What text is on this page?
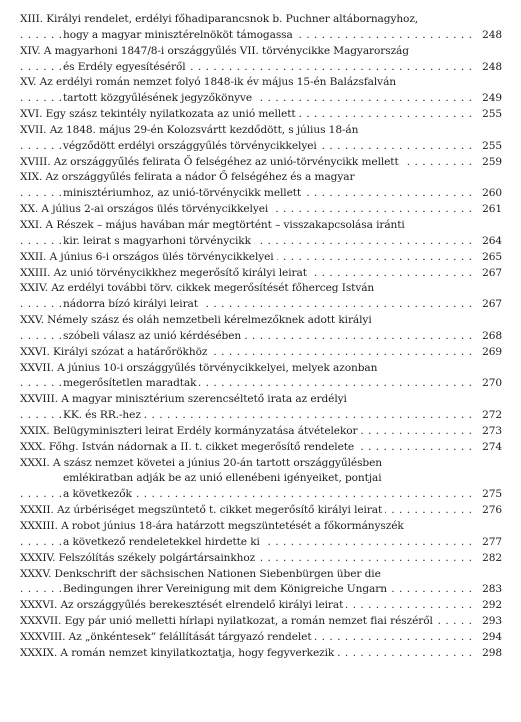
XIII. Királyi rendelet, erdélyi főhadiparancsnok b. Puchner altábornagyhoz,
hogy a magyar minisztérelnököt támogassa	248
. . .
XIV. A magyarhoni 1847/8-i országgyűlés VII. törvénycikke Magyarország
és Erdély egyesítéséről	248
. . .
XV. Az erdélyi román nemzet folyó 1848-ik év május 15-én Balázsfalván
tartott közgyűlésének jegyzőkönyve	249
. . .
XVI. Egy szász tekintély nyilatkozata az unió mellett	255
. . .
XVII. Az 1848. május 29-én Kolozsvártt kezdődött, s július 18-án
végződött erdélyi országgyűlés törvénycikkelyei	255
. . .
XVIII. Az országgyűlés felirata Ő felségéhez az unió-törvénycikk mellett	259
. . .
XIX. Az országgyűlés felirata a nádor Ő felségéhez és a magyar
minisztériumhoz, az unió-törvénycikk mellett	260
. . .
XX. A július 2-ai országos ülés törvénycikkelyei	261
. . .
XXI. A Részek – május havában már megtörtént – visszakapcsolása iránti
kir. leirat s magyarhoni törvénycikk	264
. . .
XXII. A június 6-i országos ülés törvénycikkelyei	265
. . .
XXIII. Az unió törvénycikkhez megerősítő királyi leirat	267
. . .
XXIV. Az erdélyi további törv. cikkek megerősítését főherceg István
nádorra bízó királyi leirat	267
. . .
XXV. Némely szász és oláh nemzetbeli kérelmezőknek adott királyi
szóbeli válasz az unió kérdésében	268
. . .
XXVI. Királyi szózat a határőrökhöz	269
. . .
XXVII. A június 10-i országgyűlés törvénycikkelyei, melyek azonban
megerősítetlen maradtak	270
. . .
XXVIII. A magyar minisztérium szerencséltető irata az erdélyi
KK. és RR.-hez	272
. . .
XXIX. Belügyminiszteri leirat Erdély kormányzatása átvételekor	273
. . .
XXX. Főhg. István nádornak a II. t. cikket megerősítő rendelete	274
. . .
XXXI. A szász nemzet követei a június 20-án tartott országgyűlésben
emlékiratban adják be az unió ellenébeni igényeiket, pontjai
a következők	275
. . .
XXXII. Az úrbériséget megszüntető t. cikket megerősítő királyi leirat	276
. . .
XXXIII. A robot június 18-ára határzott megszüntetését a főkormányszék
a következő rendeletekkel hirdette ki	277
. . .
XXXIV. Felszólítás székely polgártársainkhoz	282
. . .
XXXV. Denkschrift der sächsischen Nationen Siebenbürgen über die
Bedingungen ihrer Vereinigung mit dem Königreiche Ungarn	283
. . .
XXXVI. Az országgyűlés berekesztését elrendelő királyi leirat	292
. . .
XXXVII. Egy pár unió melletti hírlapi nyilatkozat, a román nemzet fiai részéről	293
. . .
XXXVIII. Az „önkéntesek” felállítását tárgyazó rendelet	294
. . .
XXXIX. A román nemzet kinyilatkoztatja, hogy fegyverkezik	298
. . .
